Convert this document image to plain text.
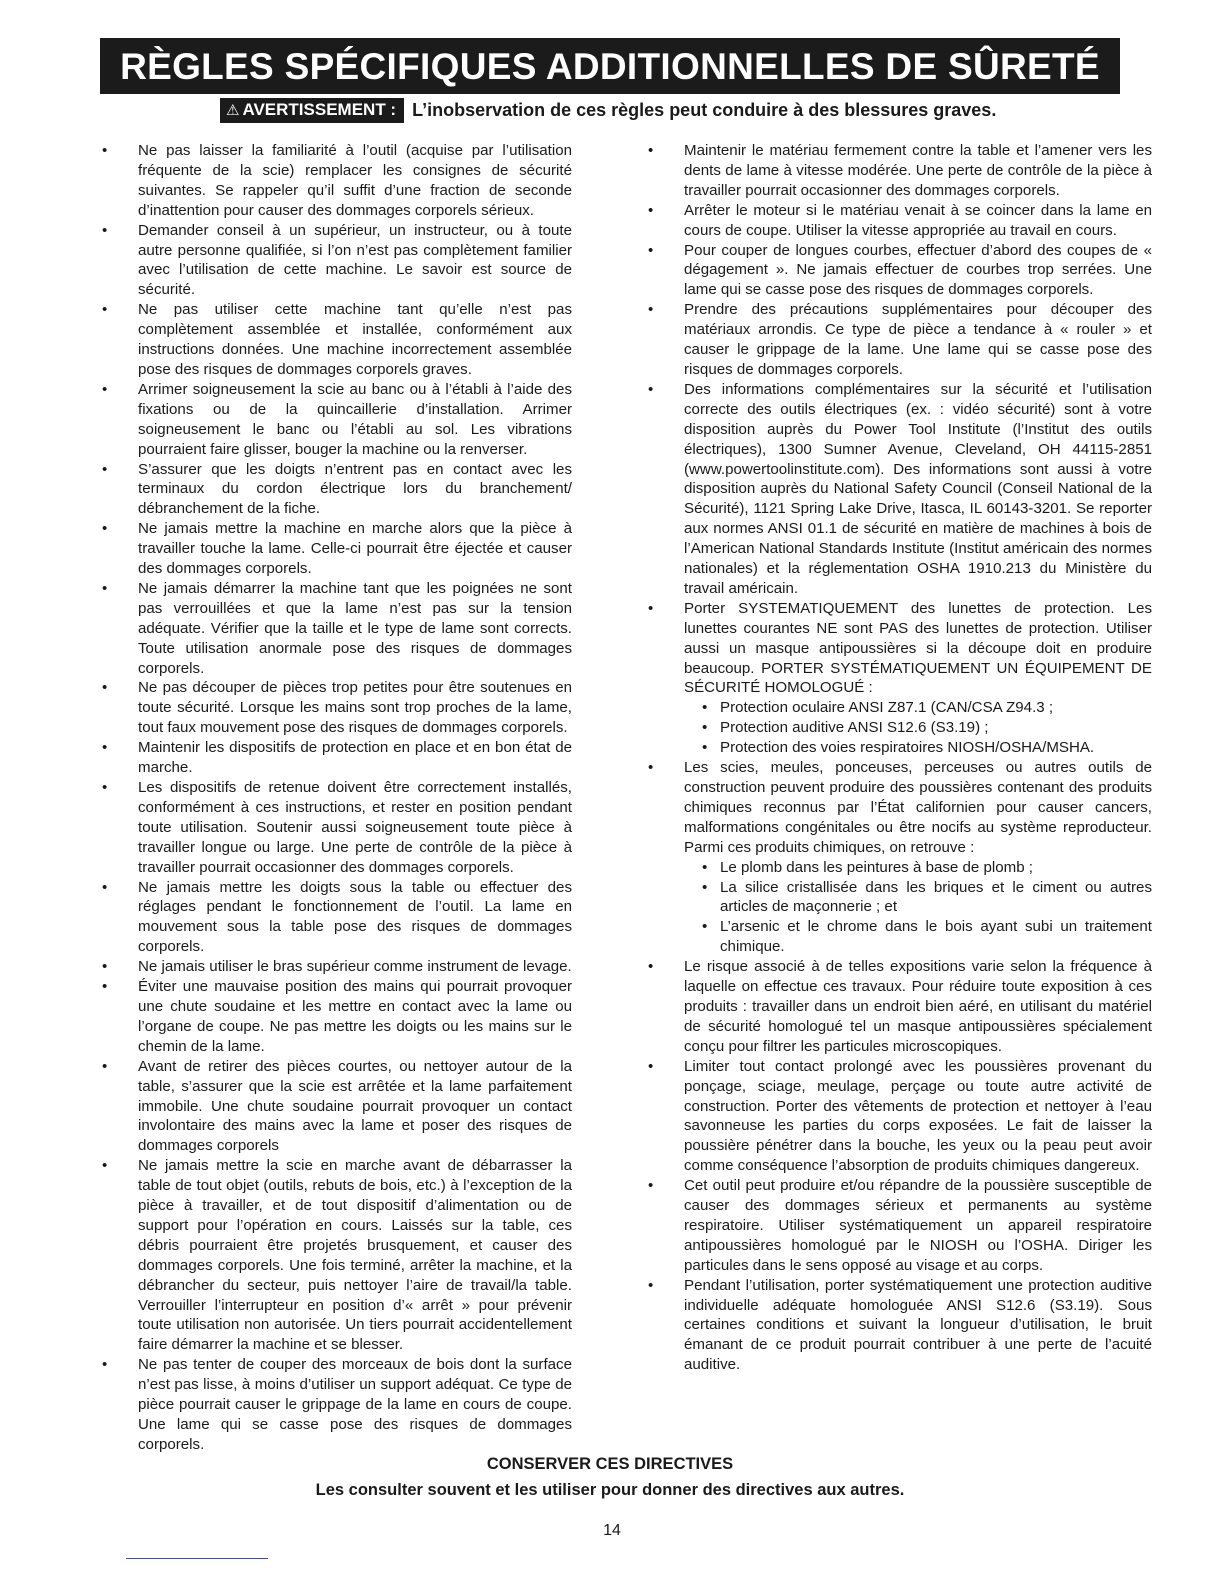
RÈGLES SPÉCIFIQUES ADDITIONNELLES DE SÛRETÉ
⚠ AVERTISSEMENT : L’inobservation de ces règles peut conduire à des blessures graves.
• Ne pas laisser la familiarité à l’outil (acquise par l’utilisation fréquente de la scie) remplacer les consignes de sécurité suivantes. Se rappeler qu’il suffit d’une fraction de seconde d’inattention pour causer des dommages corporels sérieux.
• Demander conseil à un supérieur, un instructeur, ou à toute autre personne qualifiée, si l’on n’est pas complètement familier avec l’utilisation de cette machine. Le savoir est source de sécurité.
• Ne pas utiliser cette machine tant qu’elle n’est pas complètement assemblée et installée, conformément aux instructions données. Une machine incorrectement assemblée pose des risques de dommages corporels graves.
• Arrimer soigneusement la scie au banc ou à l’établi à l’aide des fixations ou de la quincaillerie d’installation. Arrimer soigneusement le banc ou l’établi au sol. Les vibrations pourraient faire glisser, bouger la machine ou la renverser.
• S’assurer que les doigts n’entrent pas en contact avec les terminaux du cordon électrique lors du branchement/ débranchement de la fiche.
• Ne jamais mettre la machine en marche alors que la pièce à travailler touche la lame. Celle-ci pourrait être éjectée et causer des dommages corporels.
• Ne jamais démarrer la machine tant que les poignées ne sont pas verrouillées et que la lame n’est pas sur la tension adéquate. Vérifier que la taille et le type de lame sont corrects. Toute utilisation anormale pose des risques de dommages corporels.
• Ne pas découper de pièces trop petites pour être soutenues en toute sécurité. Lorsque les mains sont trop proches de la lame, tout faux mouvement pose des risques de dommages corporels.
• Maintenir les dispositifs de protection en place et en bon état de marche.
• Les dispositifs de retenue doivent être correctement installés, conformément à ces instructions, et rester en position pendant toute utilisation. Soutenir aussi soigneusement toute pièce à travailler longue ou large. Une perte de contrôle de la pièce à travailler pourrait occasionner des dommages corporels.
• Ne jamais mettre les doigts sous la table ou effectuer des réglages pendant le fonctionnement de l’outil. La lame en mouvement sous la table pose des risques de dommages corporels.
• Ne jamais utiliser le bras supérieur comme instrument de levage.
• Éviter une mauvaise position des mains qui pourrait provoquer une chute soudaine et les mettre en contact avec la lame ou l’organe de coupe. Ne pas mettre les doigts ou les mains sur le chemin de la lame.
• Avant de retirer des pièces courtes, ou nettoyer autour de la table, s’assurer que la scie est arrêtée et la lame parfaitement immobile. Une chute soudaine pourrait provoquer un contact involontaire des mains avec la lame et poser des risques de dommages corporels
• Ne jamais mettre la scie en marche avant de débarrasser la table de tout objet (outils, rebuts de bois, etc.) à l’exception de la pièce à travailler, et de tout dispositif d’alimentation ou de support pour l’opération en cours. Laissés sur la table, ces débris pourraient être projetés brusquement, et causer des dommages corporels. Une fois terminé, arrêter la machine, et la débrancher du secteur, puis nettoyer l’aire de travail/la table. Verrouiller l’interrupteur en position d’« arrêt » pour prévenir toute utilisation non autorisée. Un tiers pourrait accidentellement faire démarrer la machine et se blesser.
• Ne pas tenter de couper des morceaux de bois dont la surface n’est pas lisse, à moins d’utiliser un support adéquat. Ce type de pièce pourrait causer le grippage de la lame en cours de coupe. Une lame qui se casse pose des risques de dommages corporels.
• Maintenir le matériau fermement contre la table et l’amener vers les dents de lame à vitesse modérée. Une perte de contrôle de la pièce à travailler pourrait occasionner des dommages corporels.
• Arrêter le moteur si le matériau venait à se coincer dans la lame en cours de coupe. Utiliser la vitesse appropriée au travail en cours.
• Pour couper de longues courbes, effectuer d’abord des coupes de « dégagement ». Ne jamais effectuer de courbes trop serrées. Une lame qui se casse pose des risques de dommages corporels.
• Prendre des précautions supplémentaires pour découper des matériaux arrondis. Ce type de pièce a tendance à « rouler » et causer le grippage de la lame. Une lame qui se casse pose des risques de dommages corporels.
• Des informations complémentaires sur la sécurité et l’utilisation correcte des outils électriques (ex. : vidéo sécurité) sont à votre disposition auprès du Power Tool Institute (l’Institut des outils électriques), 1300 Sumner Avenue, Cleveland, OH 44115-2851 (www.powertoolinstitute.com). Des informations sont aussi à votre disposition auprès du National Safety Council (Conseil National de la Sécurité), 1121 Spring Lake Drive, Itasca, IL 60143-3201. Se reporter aux normes ANSI 01.1 de sécurité en matière de machines à bois de l’American National Standards Institute (Institut américain des normes nationales) et la réglementation OSHA 1910.213 du Ministère du travail américain.
• Porter SYSTEMATIQUEMENT des lunettes de protection. Les lunettes courantes NE sont PAS des lunettes de protection. Utiliser aussi un masque antipoussières si la découpe doit en produire beaucoup. PORTER SYSTÉMATIQUEMENT UN ÉQUIPEMENT DE SÉCURITÉ HOMOLOGUÉ :
• Protection oculaire ANSI Z87.1 (CAN/CSA Z94.3 ;
• Protection auditive ANSI S12.6 (S3.19) ;
• Protection des voies respiratoires NIOSH/OSHA/MSHA.
• Les scies, meules, ponceuses, perceuses ou autres outils de construction peuvent produire des poussières contenant des produits chimiques reconnus par l’État californien pour causer cancers, malformations congénitales ou être nocifs au système reproducteur. Parmi ces produits chimiques, on retrouve :
• Le plomb dans les peintures à base de plomb ;
• La silice cristallisée dans les briques et le ciment ou autres articles de maçonnerie ; et
• L’arsenic et le chrome dans le bois ayant subi un traitement chimique.
• Le risque associé à de telles expositions varie selon la fréquence à laquelle on effectue ces travaux. Pour réduire toute exposition à ces produits : travailler dans un endroit bien aéré, en utilisant du matériel de sécurité homologué tel un masque antipoussières spécialement conçu pour filtrer les particules microscopiques.
• Limiter tout contact prolongé avec les poussières provenant du ponçage, sciage, meulage, perçage ou toute autre activité de construction. Porter des vêtements de protection et nettoyer à l’eau savonneuse les parties du corps exposées. Le fait de laisser la poussière pénétrer dans la bouche, les yeux ou la peau peut avoir comme conséquence l’absorption de produits chimiques dangereux.
• Cet outil peut produire et/ou répandre de la poussière susceptible de causer des dommages sérieux et permanents au système respiratoire. Utiliser systématiquement un appareil respiratoire antipoussières homologué par le NIOSH ou l’OSHA. Diriger les particules dans le sens opposé au visage et au corps.
• Pendant l’utilisation, porter systématiquement une protection auditive individuelle adéquate homologuée ANSI S12.6 (S3.19). Sous certaines conditions et suivant la longueur d’utilisation, le bruit émanant de ce produit pourrait contribuer à une perte de l’acuité auditive.
CONSERVER CES DIRECTIVES
Les consulter souvent et les utiliser pour donner des directives aux autres.
14
